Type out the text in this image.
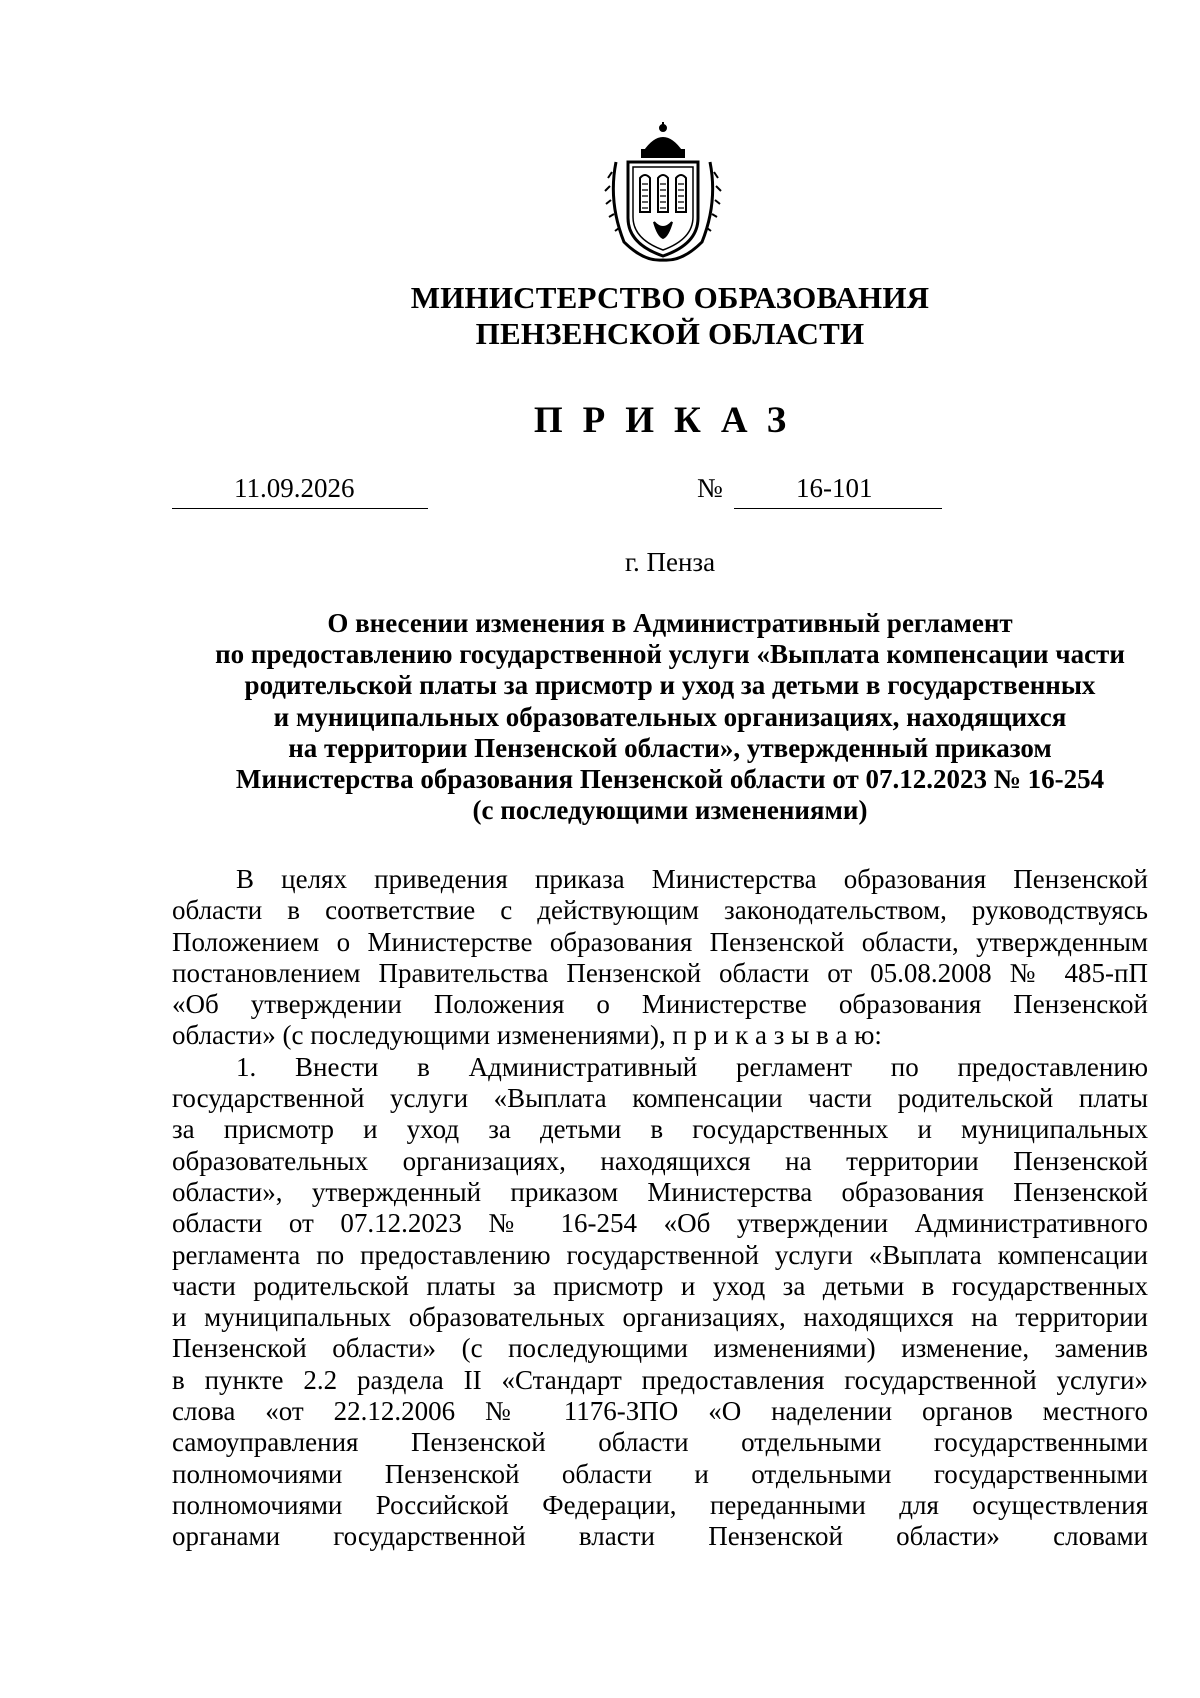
МИНИСТЕРСТВО ОБРАЗОВАНИЯ
ПЕНЗЕНСКОЙ ОБЛАСТИ
ПРИКАЗ
11.09.2026	№	16-101
г. Пенза
О внесении изменения в Административный регламент
по предоставлению государственной услуги «Выплата компенсации части
родительской платы за присмотр и уход за детьми в государственных
и муниципальных образовательных организациях, находящихся
на территории Пензенской области», утвержденный приказом
Министерства образования Пензенской области от 07.12.2023 № 16-254
(с последующими изменениями)
В целях приведения приказа Министерства образования Пензенской
области в соответствие с действующим законодательством, руководствуясь
Положением о Министерстве образования Пензенской области, утвержденным
постановлением Правительства Пензенской области от 05.08.2008 № 485-пП
«Об утверждении Положения о Министерстве образования Пензенской
области» (с последующими изменениями), п р и к а з ы в а ю:
1. Внести в Административный регламент по предоставлению
государственной услуги «Выплата компенсации части родительской платы
за присмотр и уход за детьми в государственных и муниципальных
образовательных организациях, находящихся на территории Пензенской
области», утвержденный приказом Министерства образования Пензенской
области от 07.12.2023 № 16-254 «Об утверждении Административного
регламента по предоставлению государственной услуги «Выплата компенсации
части родительской платы за присмотр и уход за детьми в государственных
и муниципальных образовательных организациях, находящихся на территории
Пензенской области» (с последующими изменениями) изменение, заменив
в пункте 2.2 раздела II «Стандарт предоставления государственной услуги»
слова «от 22.12.2006 № 1176-ЗПО «О наделении органов местного
самоуправления Пензенской области отдельными государственными
полномочиями Пензенской области и отдельными государственными
полномочиями Российской Федерации, переданными для осуществления
органами государственной власти Пензенской области» словами
